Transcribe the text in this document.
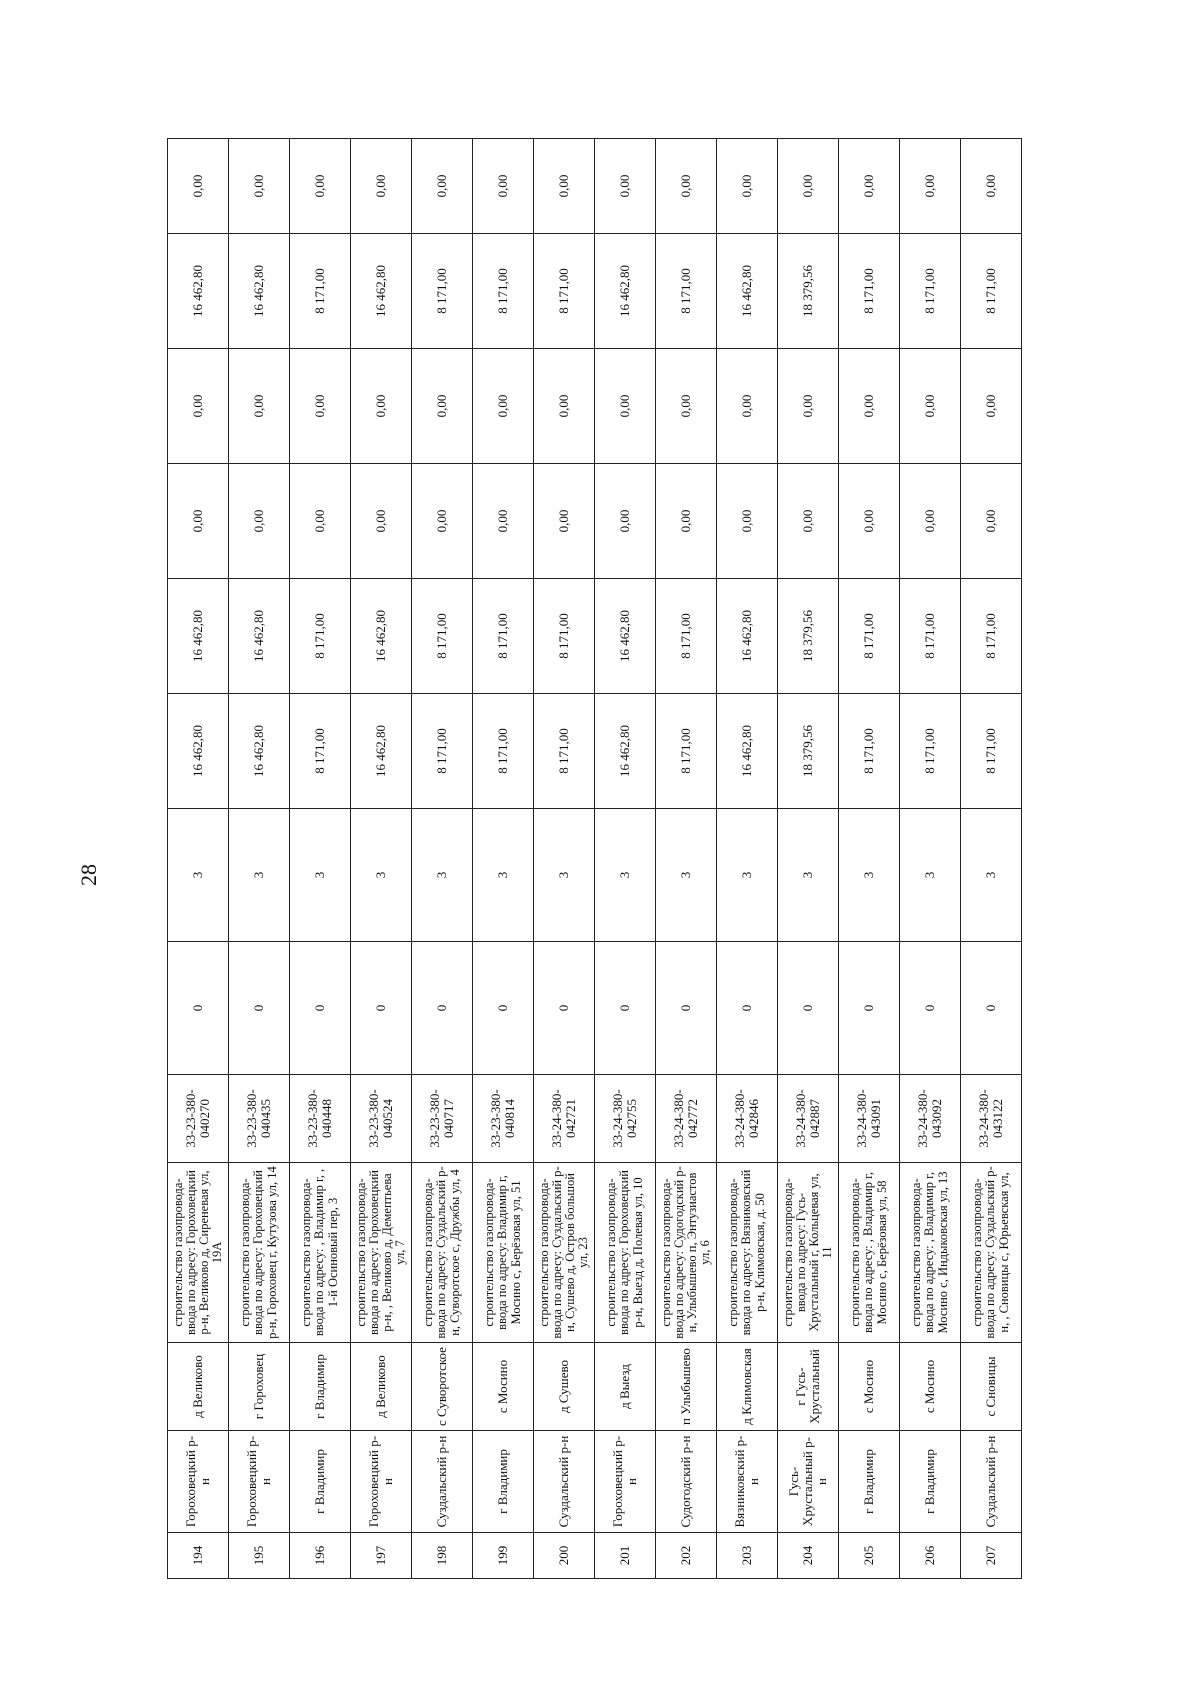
28
194	Гороховецкий р-н	д Великово	строительство газопровода-ввода по адресу: Гороховецкий р-н, Великово д, Сиреневая ул, 19А	33-23-380-040270	0	3	16 462,80	16 462,80	0,00	0,00	16 462,80	0,00
195	Гороховецкий р-н	г Гороховец	строительство газопровода-ввода по адресу: Гороховецкий р-н, Гороховец г, Кутузова ул, 14	33-23-380-040435	0	3	16 462,80	16 462,80	0,00	0,00	16 462,80	0,00
196	г Владимир	г Владимир	строительство газопровода-ввода по адресу: , Владимир г, , 1-й Осиновый пер, 3	33-23-380-040448	0	3	8 171,00	8 171,00	0,00	0,00	8 171,00	0,00
197	Гороховецкий р-н	д Великово	строительство газопровода-ввода по адресу: Гороховецкий р-н, , Великово д, Демептьева ул, 7	33-23-380-040524	0	3	16 462,80	16 462,80	0,00	0,00	16 462,80	0,00
198	Суздальский р-н	с Суворотское	строительство газопровода-ввода по адресу: Суздальский р-н, Суворотское с, Дружбы ул, 4	33-23-380-040717	0	3	8 171,00	8 171,00	0,00	0,00	8 171,00	0,00
199	г Владимир	с Мосино	строительство газопровода-ввода по адресу: Владимир г, Мосино с, Берёзовая ул, 51	33-23-380-040814	0	3	8 171,00	8 171,00	0,00	0,00	8 171,00	0,00
200	Суздальский р-н	д Сушево	строительство газопровода-ввода по адресу: Суздальский р-н, Сушево д, Остров большой ул, 23	33-24-380-042721	0	3	8 171,00	8 171,00	0,00	0,00	8 171,00	0,00
201	Гороховецкий р-н	д Выезд	строительство газопровода-ввода по адресу: Гороховецкий р-н, Выезд д, Полевая ул, 10	33-24-380-042755	0	3	16 462,80	16 462,80	0,00	0,00	16 462,80	0,00
202	Судогодский р-н	п Улыбышево	строительство газопровода-ввода по адресу: Судогодский р-н, Улыбышево п, Энтузиастов ул, 6	33-24-380-042772	0	3	8 171,00	8 171,00	0,00	0,00	8 171,00	0,00
203	Вязниковский р-н	д Климовская	строительство газопровода-ввода по адресу: Вязниковский р-н, Климовская, д. 50	33-24-380-042846	0	3	16 462,80	16 462,80	0,00	0,00	16 462,80	0,00
204	Гусь-Хрустальный р-н	г Гусь-Хрустальный	строительство газопровода-ввода по адресу: Гусь-Хрустальный г, Кольцевая ул, 11	33-24-380-042887	0	3	18 379,56	18 379,56	0,00	0,00	18 379,56	0,00
205	г Владимир	с Мосино	строительство газопровода-ввода по адресу: , Владимир г, Мосино с, Берёзовая ул, 58	33-24-380-043091	0	3	8 171,00	8 171,00	0,00	0,00	8 171,00	0,00
206	г Владимир	с Мосино	строительство газопровода-ввода по адресу: , Владимир г, Мосино с, Индыковская ул, 13	33-24-380-043092	0	3	8 171,00	8 171,00	0,00	0,00	8 171,00	0,00
207	Суздальский р-н	с Сновицы	строительство газопровода-ввода по адресу: Суздальский р-н, , Сновицы с, Юрьевская ул,	33-24-380-043122	0	3	8 171,00	8 171,00	0,00	0,00	8 171,00	0,00
